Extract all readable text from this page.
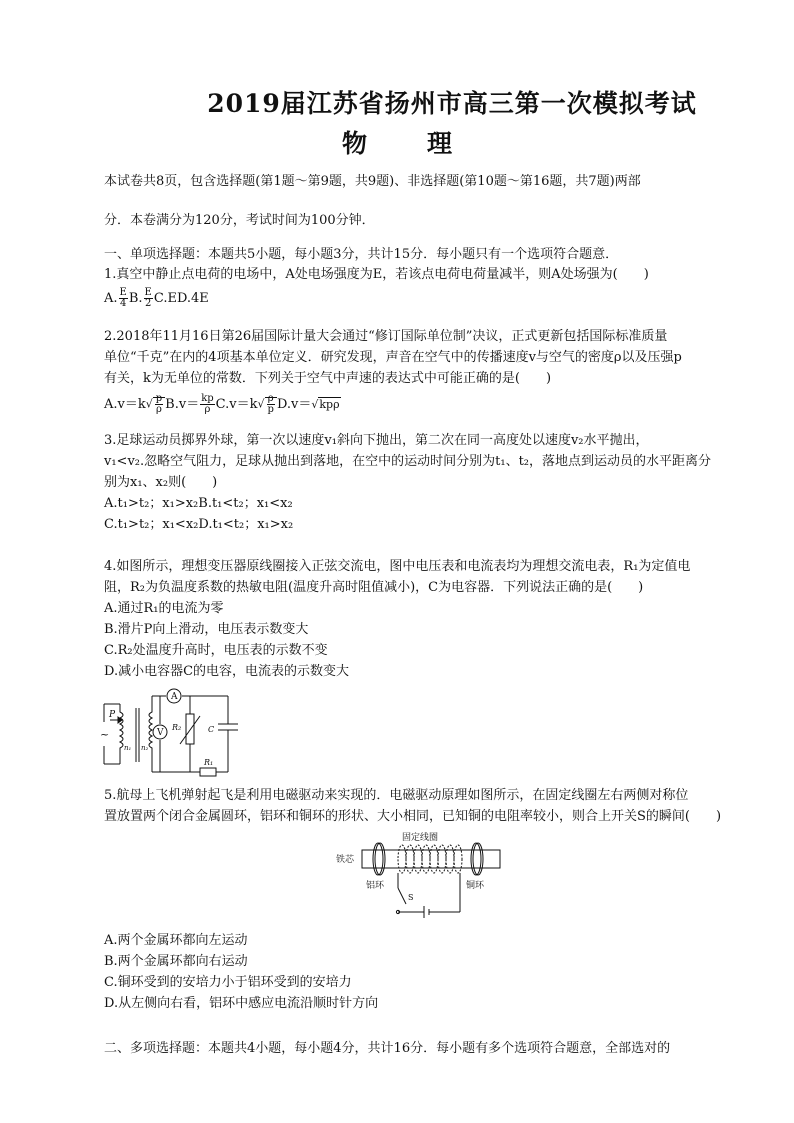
2019届江苏省扬州市高三第一次模拟考试
物理
本试卷共8页，包含选择题(第1题～第9题，共9题)、非选择题(第10题～第16题，共7题)两部
分．本卷满分为120分，考试时间为100分钟．
一、单项选择题：本题共5小题，每小题3分，共计15分．每小题只有一个选项符合题意．
1.真空中静止点电荷的电场中，A处电场强度为E，若该点电荷电荷量减半，则A处场强为(　　)
A. $\frac{E}{4} B$. $\frac{E}{2} C.ED.4E$
2.2018年11月16日第26届国际计量大会通过“修订国际单位制”决议，正式更新包括国际标准质量
单位“千克”在内的4项基本单位定义．研究发现，声音在空气中的传播速度v与空气的密度ρ以及压强p
有关，k为无单位的常数．下列关于空气中声速的表达式中可能正确的是(　　)
$A.v=k√ \frac{p}{\rho} B.v= \frac{kp}{\rho} C.v=k√ \frac{\rho}{p} D.v=√kp\rho$
3.足球运动员掷界外球，第一次以速度v₁斜向下抛出，第二次在同一高度处以速度v₂水平抛出，
v₁<v₂.忽略空气阻力，足球从抛出到落地，在空中的运动时间分别为t₁、t₂，落地点到运动员的水平距离分
别为x₁、x₂则(　　)
A.t₁>t₂；x₁>x₂B.t₁<t₂；x₁<x₂
C.t₁>t₂；x₁<x₂D.t₁<t₂；x₁>x₂
4.如图所示，理想变压器原线圈接入正弦交流电，图中电压表和电流表均为理想交流电表，R₁为定值电
阻，R₂为负温度系数的热敏电阻(温度升高时阻值减小)，C为电容器．下列说法正确的是(　　)
A.通过R₁的电流为零
B.滑片P向上滑动，电压表示数变大
C.R₂处温度升高时，电压表的示数不变
D.减小电容器C的电容，电流表的示数变大
A
V
P
n₁ n₂
R₂	C
R₁
~
5.航母上飞机弹射起飞是利用电磁驱动来实现的．电磁驱动原理如图所示，在固定线圈左右两侧对称位
置放置两个闭合金属圆环，铝环和铜环的形状、大小相同，已知铜的电阻率较小，则合上开关S的瞬间(　　)
固定线圈
铁芯
铝环	铜环
S
A.两个金属环都向左运动
B.两个金属环都向右运动
C.铜环受到的安培力小于铝环受到的安培力
D.从左侧向右看，铝环中感应电流沿顺时针方向
二、多项选择题：本题共4小题，每小题4分，共计16分．每小题有多个选项符合题意，全部选对的
